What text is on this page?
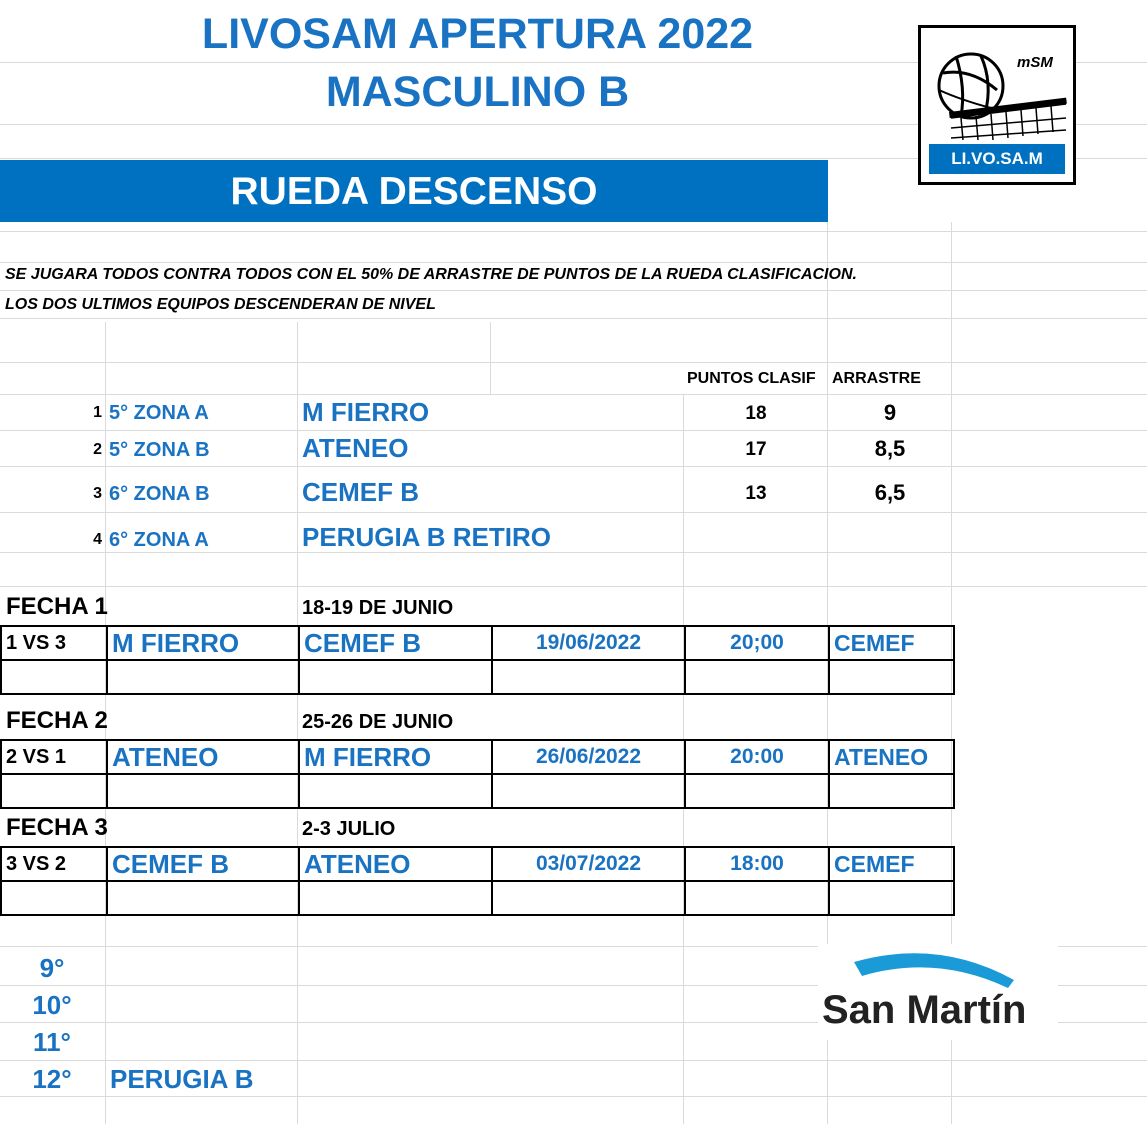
LIVOSAM APERTURA 2022
MASCULINO B
mSM
LI.VO.SA.M
RUEDA DESCENSO
SE JUGARA TODOS CONTRA TODOS CON EL 50% DE ARRASTRE DE PUNTOS DE LA RUEDA CLASIFICACION.
LOS DOS ULTIMOS EQUIPOS DESCENDERAN DE NIVEL
PUNTOS CLASIF ARRASTRE
1 5° ZONA A	M FIERRO	18	9
2 5° ZONA B	ATENEO	17	8,5
3 6° ZONA B	CEMEF B	13	6,5
4 6° ZONA A	PERUGIA B RETIRO
FECHA 1	18-19 DE JUNIO
1 VS 3	M FIERRO	CEMEF B	19/06/2022	20;00	CEMEF

FECHA 2	25-26 DE JUNIO
2 VS 1	ATENEO	M FIERRO	26/06/2022	20:00	ATENEO

FECHA 3	2-3 JULIO
3 VS 2	CEMEF B	ATENEO	03/07/2022	18:00	CEMEF

9°
10°
11°
12°	PERUGIA B
San Martín
